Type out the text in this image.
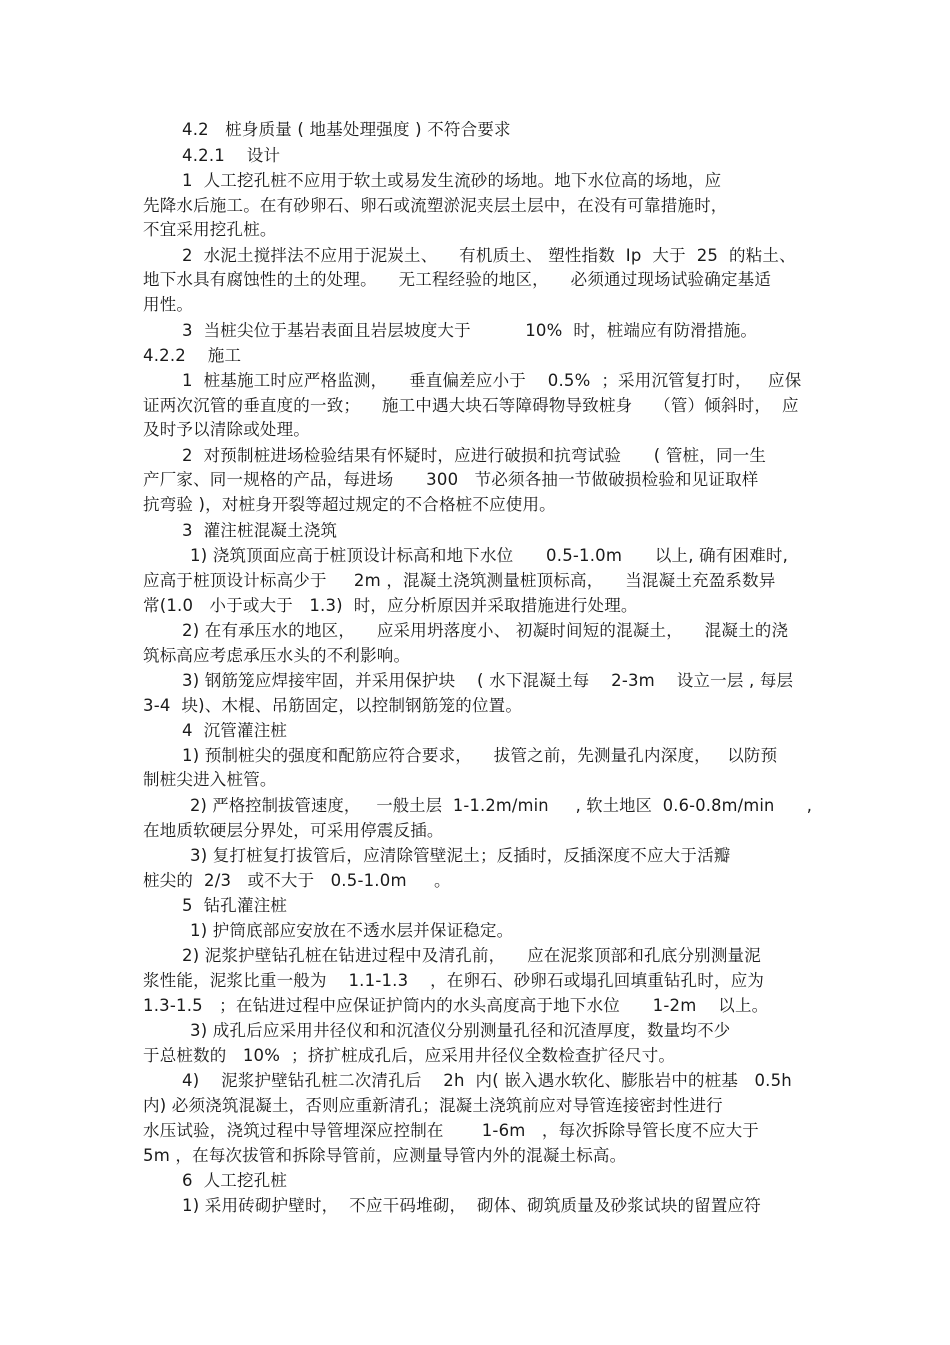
4.2   桩身质量 ( 地基处理强度 ) 不符合要求
4.2.1    设计
1  人工挖孔桩不应用于软土或易发生流砂的场地。地下水位高的场地，应
先降水后施工。在有砂卵石、卵石或流塑淤泥夹层土层中，在没有可靠措施时，
不宜采用挖孔桩。
2  水泥土搅拌法不应用于泥炭土、    有机质土、 塑性指数  Ip  大于  25  的粘土、
地下水具有腐蚀性的土的处理。    无工程经验的地区，    必须通过现场试验确定基适
用性。
3  当桩尖位于基岩表面且岩层坡度大于          10%  时，桩端应有防滑措施。
4.2.2    施工
1  桩基施工时应严格监测，    垂直偏差应小于    0.5%  ；采用沉管复打时，   应保
证两次沉管的垂直度的一致；    施工中遇大块石等障碍物导致桩身    （管）倾斜时，  应
及时予以清除或处理。
2  对预制桩进场检验结果有怀疑时，应进行破损和抗弯试验      ( 管桩，同一生
产厂家、同一规格的产品，每进场      300   节必须各抽一节做破损检验和见证取样
抗弯验 )，对桩身开裂等超过规定的不合格桩不应使用。
3  灌注桩混凝土浇筑
1) 浇筑顶面应高于桩顶设计标高和地下水位      0.5-1.0m      以上, 确有困难时,
应高于桩顶设计标高少于     2m ，混凝土浇筑测量桩顶标高，    当混凝土充盈系数异
常(1.0   小于或大于   1.3)  时，应分析原因并采取措施进行处理。
2) 在有承压水的地区，    应采用坍落度小、 初凝时间短的混凝土，    混凝土的浇
筑标高应考虑承压水头的不利影响。
3) 钢筋笼应焊接牢固，并采用保护块    ( 水下混凝土每    2-3m    设立一层 , 每层
3-4  块)、木棍、吊筋固定，以控制钢筋笼的位置。
4  沉管灌注桩
1) 预制桩尖的强度和配筋应符合要求，    拔管之前，先测量孔内深度，   以防预
制桩尖进入桩管。
2) 严格控制拔管速度，   一般土层  1-1.2m/min     , 软土地区  0.6-0.8m/min      ,
在地质软硬层分界处，可采用停震反插。
3) 复打桩复打拔管后，应清除管壁泥土；反插时，反插深度不应大于活瓣
桩尖的  2/3   或不大于   0.5-1.0m     。
5  钻孔灌注桩
1) 护筒底部应安放在不透水层并保证稳定。
2) 泥浆护壁钻孔桩在钻进过程中及清孔前，    应在泥浆顶部和孔底分别测量泥
浆性能，泥浆比重一般为    1.1-1.3    ，在卵石、砂卵石或塌孔回填重钻孔时，应为
1.3-1.5   ；在钻进过程中应保证护筒内的水头高度高于地下水位      1-2m    以上。
3) 成孔后应采用井径仪和和沉渣仪分别测量孔径和沉渣厚度，数量均不少
于总桩数的   10%  ；挤扩桩成孔后，应采用井径仪全数检查扩径尺寸。
4)    泥浆护壁钻孔桩二次清孔后    2h  内( 嵌入遇水软化、膨胀岩中的桩基   0.5h
内) 必须浇筑混凝土，否则应重新清孔；混凝土浇筑前应对导管连接密封性进行
水压试验，浇筑过程中导管埋深应控制在       1-6m   ，每次拆除导管长度不应大于
5m ，在每次拔管和拆除导管前，应测量导管内外的混凝土标高。
6  人工挖孔桩
1) 采用砖砌护壁时，  不应干码堆砌，  砌体、砌筑质量及砂浆试块的留置应符
